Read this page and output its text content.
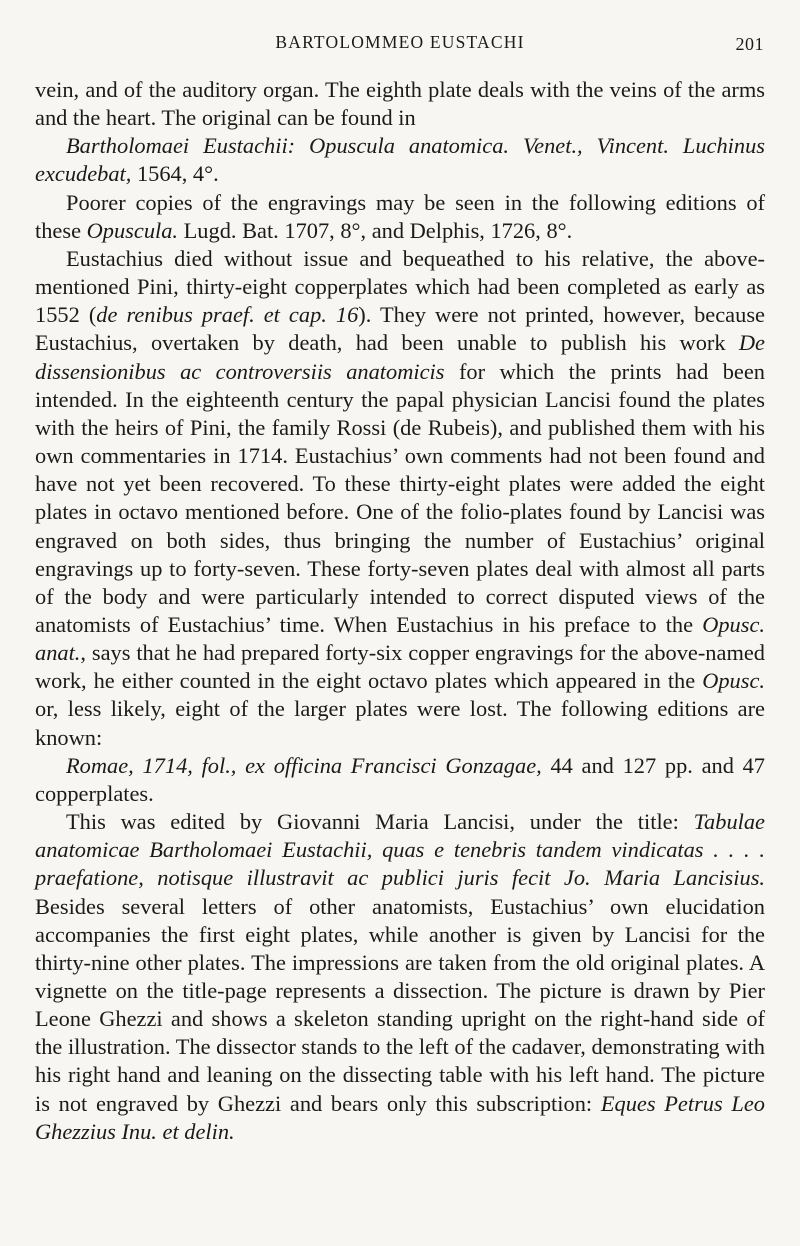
BARTOLOMMEO EUSTACHI	201

vein, and of the auditory organ. The eighth plate deals with the veins of the arms and the heart. The original can be found in

Bartholomaei Eustachii: Opuscula anatomica. Venet., Vincent. Luchinus excudebat, 1564, 4°.

Poorer copies of the engravings may be seen in the following editions of these Opuscula. Lugd. Bat. 1707, 8°, and Delphis, 1726, 8°.

Eustachius died without issue and bequeathed to his relative, the above-mentioned Pini, thirty-eight copperplates which had been completed as early as 1552 (de renibus praef. et cap. 16). They were not printed, however, because Eustachius, overtaken by death, had been unable to publish his work De dissensionibus ac controversiis anatomicis for which the prints had been intended. In the eighteenth century the papal physician Lancisi found the plates with the heirs of Pini, the family Rossi (de Rubeis), and published them with his own commentaries in 1714. Eustachius’ own comments had not been found and have not yet been recovered. To these thirty-eight plates were added the eight plates in octavo mentioned before. One of the folio-plates found by Lancisi was engraved on both sides, thus bringing the number of Eustachius’ original engravings up to forty-seven. These forty-seven plates deal with almost all parts of the body and were particularly intended to correct disputed views of the anatomists of Eustachius’ time. When Eustachius in his preface to the Opusc. anat., says that he had prepared forty-six copper engravings for the above-named work, he either counted in the eight octavo plates which appeared in the Opusc. or, less likely, eight of the larger plates were lost. The following editions are known:

Romae, 1714, fol., ex officina Francisci Gonzagae, 44 and 127 pp. and 47 copperplates.

This was edited by Giovanni Maria Lancisi, under the title: Tabulae anatomicae Bartholomaei Eustachii, quas e tenebris tandem vindicatas . . . . praefatione, notisque illustravit ac publici juris fecit Jo. Maria Lancisius. Besides several letters of other anatomists, Eustachius’ own elucidation accompanies the first eight plates, while another is given by Lancisi for the thirty-nine other plates. The impressions are taken from the old original plates. A vignette on the title-page represents a dissection. The picture is drawn by Pier Leone Ghezzi and shows a skeleton standing upright on the right-hand side of the illustration. The dissector stands to the left of the cadaver, demonstrating with his right hand and leaning on the dissecting table with his left hand. The picture is not engraved by Ghezzi and bears only this subscription: Eques Petrus Leo Ghezzius Inu. et delin.
